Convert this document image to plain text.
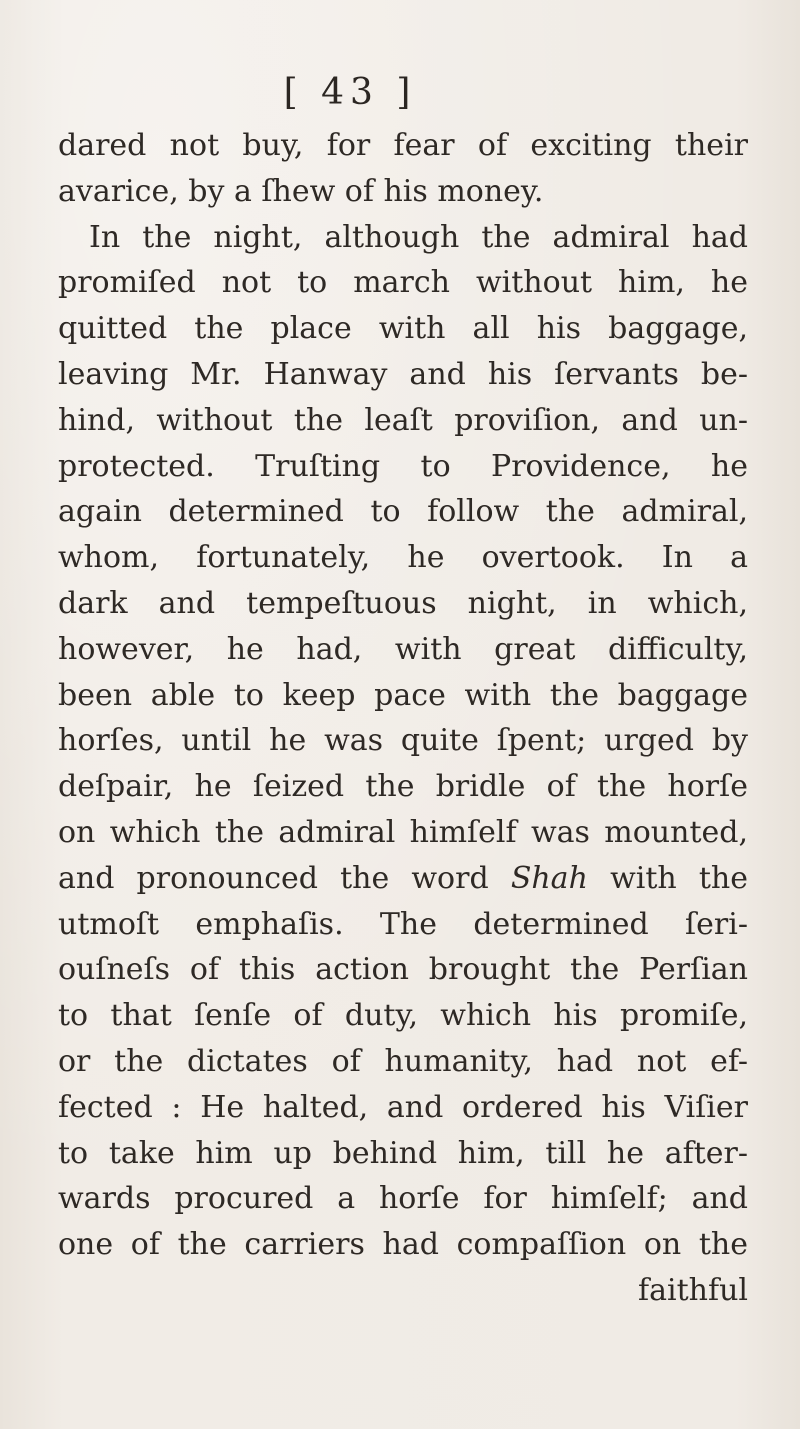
[ 43 ]
dared not buy, for fear of exciting their
avarice, by a ſhew of his money.
In the night, although the admiral had
promiſed not to march without him, he
quitted the place with all his baggage,
leaving Mr. Hanway and his ſervants be-
hind, without the leaſt proviſion, and un-
protected. Truſting to Providence, he
again determined to follow the admiral,
whom, fortunately, he overtook. In a
dark and tempeſtuous night, in which,
however, he had, with great difficulty,
been able to keep pace with the baggage
horſes, until he was quite ſpent; urged by
deſpair, he ſeized the bridle of the horſe
on which the admiral himſelf was mounted,
and pronounced the word Shah with the
utmoſt emphaſis. The determined ſeri-
ouſneſs of this action brought the Perſian
to that ſenſe of duty, which his promiſe,
or the dictates of humanity, had not ef-
fected : He halted, and ordered his Viſier
to take him up behind him, till he after-
wards procured a horſe for himſelf; and
one of the carriers had compaſſion on the
faithful
